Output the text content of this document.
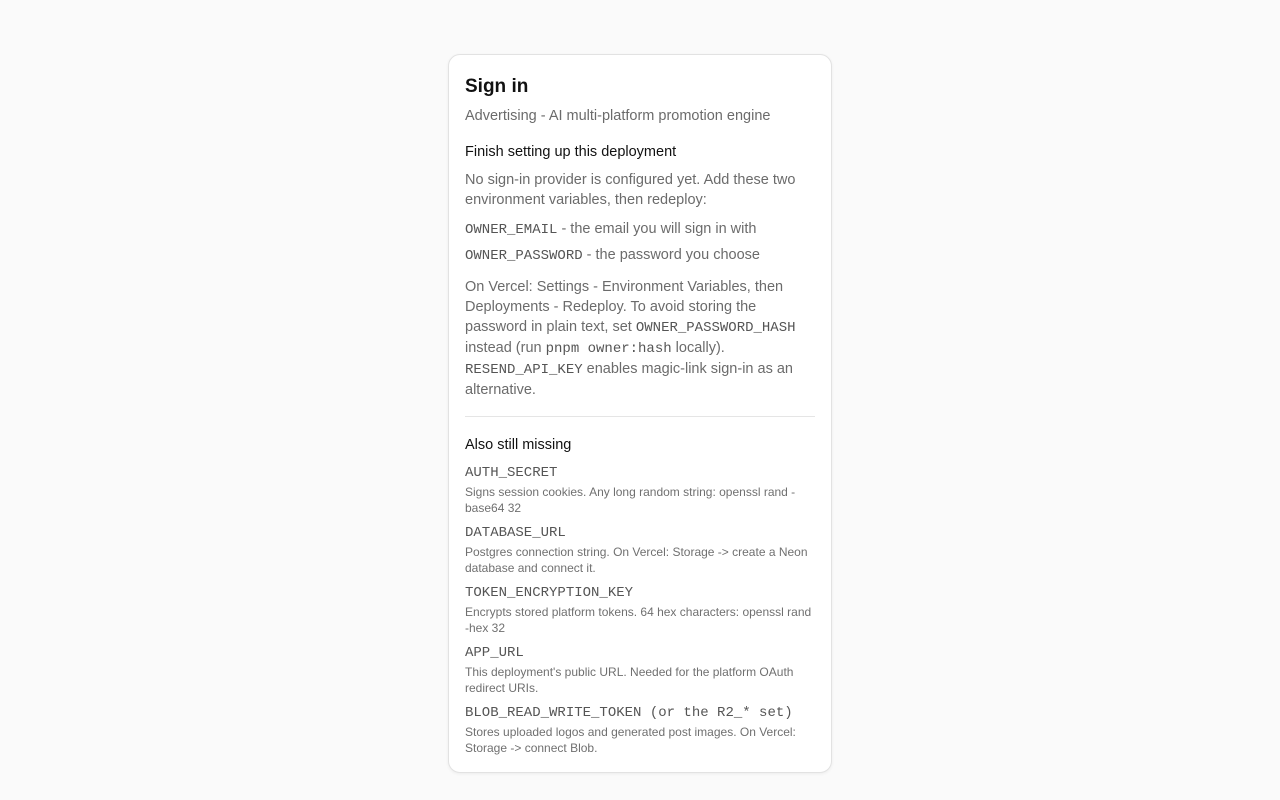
Sign in

Advertising - AI multi-platform promotion engine

Finish setting up this deployment

No sign-in provider is configured yet. Add these two environment variables, then redeploy:

OWNER_EMAIL - the email you will sign in with

OWNER_PASSWORD - the password you choose

On Vercel: Settings - Environment Variables, then Deployments - Redeploy. To avoid storing the password in plain text, set OWNER_PASSWORD_HASH instead (run pnpm owner:hash locally). RESEND_API_KEY enables magic-link sign-in as an alternative.

Also still missing

AUTH_SECRET
Signs session cookies. Any long random string: openssl rand -base64 32
DATABASE_URL
Postgres connection string. On Vercel: Storage -> create a Neon database and connect it.
TOKEN_ENCRYPTION_KEY
Encrypts stored platform tokens. 64 hex characters: openssl rand -hex 32
APP_URL
This deployment's public URL. Needed for the platform OAuth redirect URIs.
BLOB_READ_WRITE_TOKEN (or the R2_* set)
Stores uploaded logos and generated post images. On Vercel: Storage -> connect Blob.
